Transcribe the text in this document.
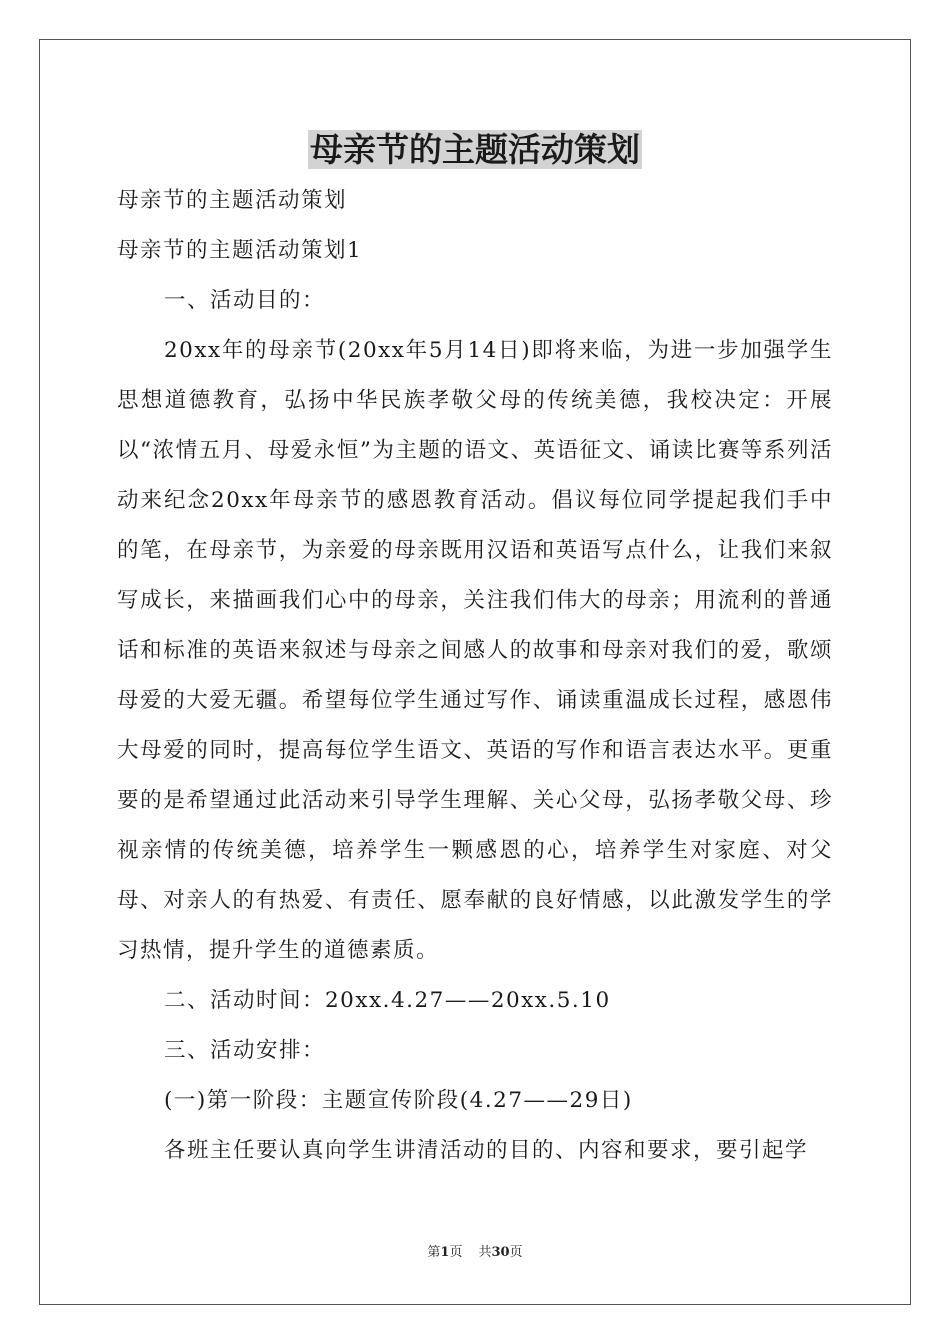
母亲节的主题活动策划

母亲节的主题活动策划

母亲节的主题活动策划1

一、活动目的：

20xx年的母亲节(20xx年5月14日)即将来临，为进一步加强学生思想道德教育，弘扬中华民族孝敬父母的传统美德，我校决定：开展以“浓情五月、母爱永恒”为主题的语文、英语征文、诵读比赛等系列活动来纪念20xx年母亲节的感恩教育活动。倡议每位同学提起我们手中的笔，在母亲节，为亲爱的母亲既用汉语和英语写点什么，让我们来叙写成长，来描画我们心中的母亲，关注我们伟大的母亲；用流利的普通话和标准的英语来叙述与母亲之间感人的故事和母亲对我们的爱，歌颂母爱的大爱无疆。希望每位学生通过写作、诵读重温成长过程，感恩伟大母爱的同时，提高每位学生语文、英语的写作和语言表达水平。更重要的是希望通过此活动来引导学生理解、关心父母，弘扬孝敬父母、珍视亲情的传统美德，培养学生一颗感恩的心，培养学生对家庭、对父母、对亲人的有热爱、有责任、愿奉献的良好情感，以此激发学生的学习热情，提升学生的道德素质。

二、活动时间：20xx.4.27——20xx.5.10

三、活动安排：

(一)第一阶段：主题宣传阶段(4.27——29日)

各班主任要认真向学生讲清活动的目的、内容和要求，要引起学

第1页 共30页
